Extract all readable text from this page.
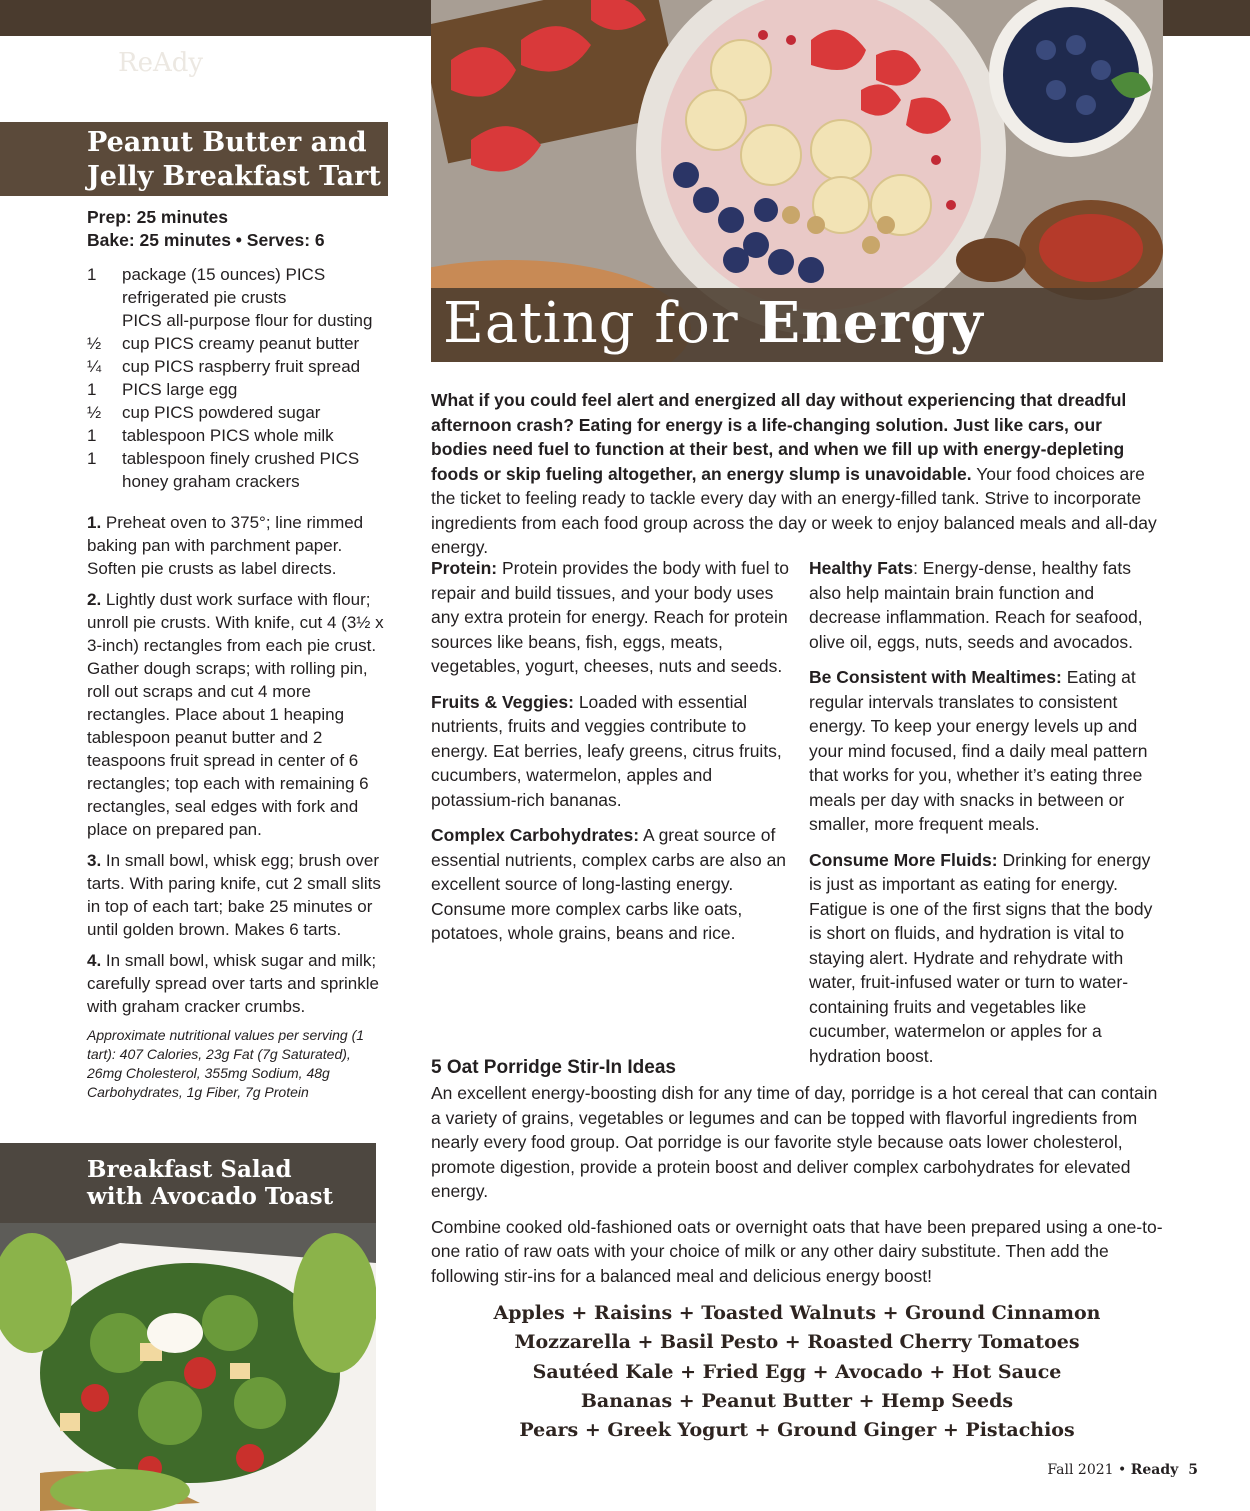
ReAdy
Eating for Energy
Peanut Butter and
Jelly Breakfast Tart
Prep: 25 minutes
Bake: 25 minutes • Serves: 6
1 package (15 ounces) PICS refrigerated pie crusts
PICS all-purpose flour for dusting
½ cup PICS creamy peanut butter
¼ cup PICS raspberry fruit spread
1 PICS large egg
½ cup PICS powdered sugar
1 tablespoon PICS whole milk
1 tablespoon finely crushed PICS honey graham crackers
1. Preheat oven to 375°; line rimmed baking pan with parchment paper. Soften pie crusts as label directs.
2. Lightly dust work surface with flour; unroll pie crusts. With knife, cut 4 (3½ x 3-inch) rectangles from each pie crust. Gather dough scraps; with rolling pin, roll out scraps and cut 4 more rectangles. Place about 1 heaping tablespoon peanut butter and 2 teaspoons fruit spread in center of 6 rectangles; top each with remaining 6 rectangles, seal edges with fork and place on prepared pan.
3. In small bowl, whisk egg; brush over tarts. With paring knife, cut 2 small slits in top of each tart; bake 25 minutes or until golden brown. Makes 6 tarts.
4. In small bowl, whisk sugar and milk; carefully spread over tarts and sprinkle with graham cracker crumbs.
Approximate nutritional values per serving (1 tart): 407 Calories, 23g Fat (7g Saturated), 26mg Cholesterol, 355mg Sodium, 48g Carbohydrates, 1g Fiber, 7g Protein
Breakfast Salad
with Avocado Toast

What if you could feel alert and energized all day without experiencing that dreadful afternoon crash? Eating for energy is a life-changing solution. Just like cars, our bodies need fuel to function at their best, and when we fill up with energy-depleting foods or skip fueling altogether, an energy slump is unavoidable. Your food choices are the ticket to feeling ready to tackle every day with an energy-filled tank. Strive to incorporate ingredients from each food group across the day or week to enjoy balanced meals and all-day energy.

Protein: Protein provides the body with fuel to repair and build tissues, and your body uses any extra protein for energy. Reach for protein sources like beans, fish, eggs, meats, vegetables, yogurt, cheeses, nuts and seeds.

Fruits & Veggies: Loaded with essential nutrients, fruits and veggies contribute to energy. Eat berries, leafy greens, citrus fruits, cucumbers, watermelon, apples and potassium-rich bananas.

Complex Carbohydrates: A great source of essential nutrients, complex carbs are also an excellent source of long-lasting energy. Consume more complex carbs like oats, potatoes, whole grains, beans and rice.

Healthy Fats: Energy-dense, healthy fats also help maintain brain function and decrease inflammation. Reach for seafood, olive oil, eggs, nuts, seeds and avocados.

Be Consistent with Mealtimes: Eating at regular intervals translates to consistent energy. To keep your energy levels up and your mind focused, find a daily meal pattern that works for you, whether it’s eating three meals per day with snacks in between or smaller, more frequent meals.

Consume More Fluids: Drinking for energy is just as important as eating for energy. Fatigue is one of the first signs that the body is short on fluids, and hydration is vital to staying alert. Hydrate and rehydrate with water, fruit-infused water or turn to water-containing fruits and vegetables like cucumber, watermelon or apples for a hydration boost.

5 Oat Porridge Stir-In Ideas

An excellent energy-boosting dish for any time of day, porridge is a hot cereal that can contain a variety of grains, vegetables or legumes and can be topped with flavorful ingredients from nearly every food group. Oat porridge is our favorite style because oats lower cholesterol, promote digestion, provide a protein boost and deliver complex carbohydrates for elevated energy.

Combine cooked old-fashioned oats or overnight oats that have been prepared using a one-to-one ratio of raw oats with your choice of milk or any other dairy substitute. Then add the following stir-ins for a balanced meal and delicious energy boost!

Apples + Raisins + Toasted Walnuts + Ground Cinnamon
Mozzarella + Basil Pesto + Roasted Cherry Tomatoes
Sautéed Kale + Fried Egg + Avocado + Hot Sauce
Bananas + Peanut Butter + Hemp Seeds
Pears + Greek Yogurt + Ground Ginger + Pistachios
Fall 2021 • Ready 5
